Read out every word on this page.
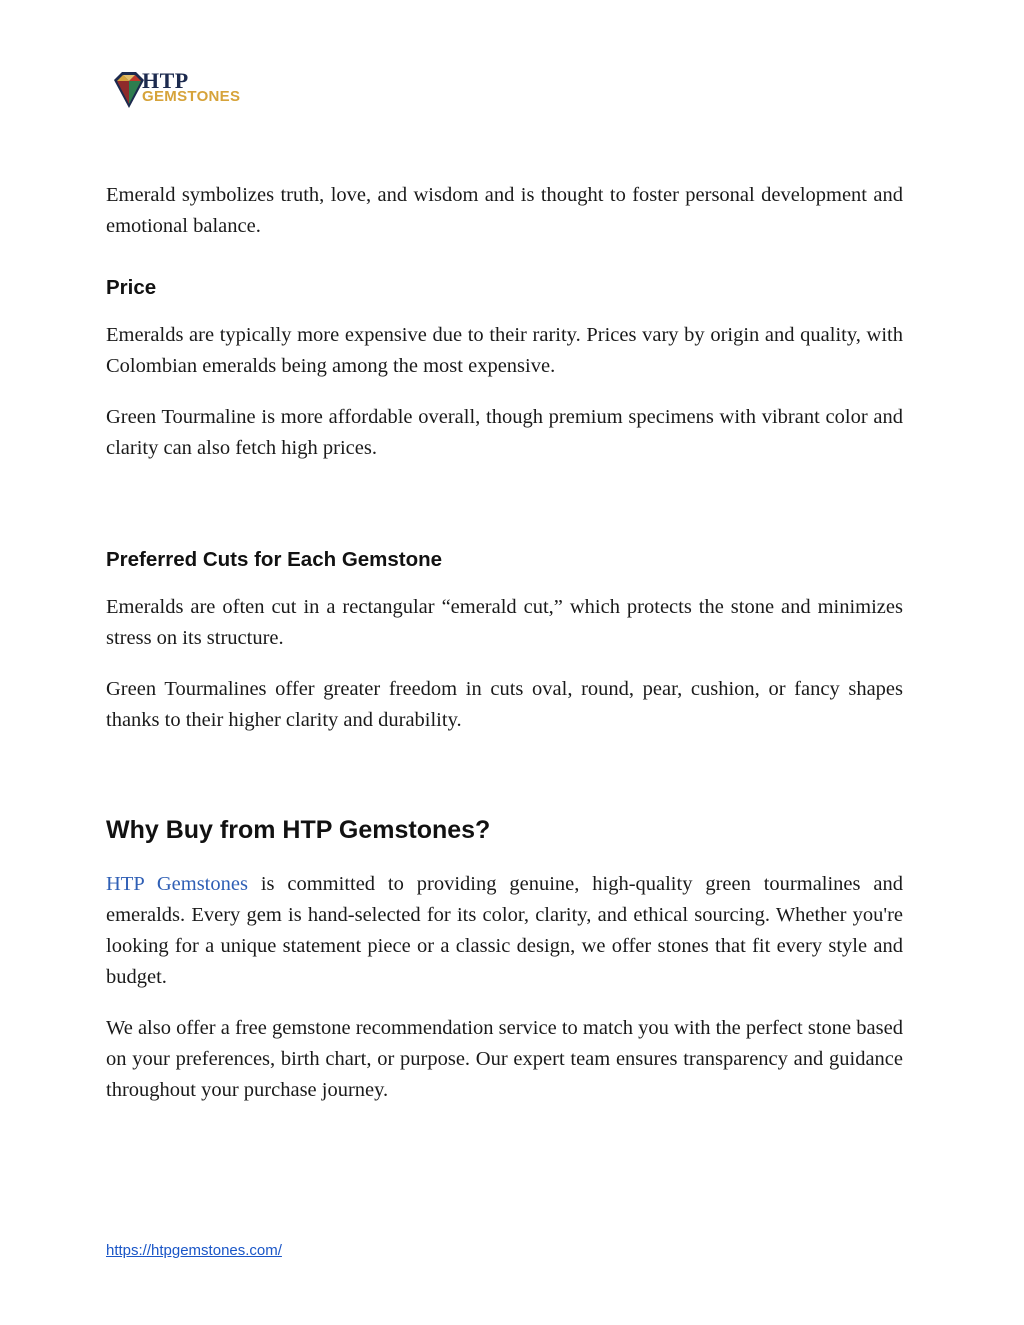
HTP
GEMSTONES

Emerald symbolizes truth, love, and wisdom and is thought to foster personal development and emotional balance.

Price

Emeralds are typically more expensive due to their rarity. Prices vary by origin and quality, with Colombian emeralds being among the most expensive.

Green Tourmaline is more affordable overall, though premium specimens with vibrant color and clarity can also fetch high prices.

Preferred Cuts for Each Gemstone

Emeralds are often cut in a rectangular “emerald cut,” which protects the stone and minimizes stress on its structure.

Green Tourmalines offer greater freedom in cuts oval, round, pear, cushion, or fancy shapes thanks to their higher clarity and durability.

Why Buy from HTP Gemstones?

HTP Gemstones is committed to providing genuine, high-quality green tourmalines and emeralds. Every gem is hand-selected for its color, clarity, and ethical sourcing. Whether you're looking for a unique statement piece or a classic design, we offer stones that fit every style and budget.

We also offer a free gemstone recommendation service to match you with the perfect stone based on your preferences, birth chart, or purpose. Our expert team ensures transparency and guidance throughout your purchase journey.

https://htpgemstones.com/
